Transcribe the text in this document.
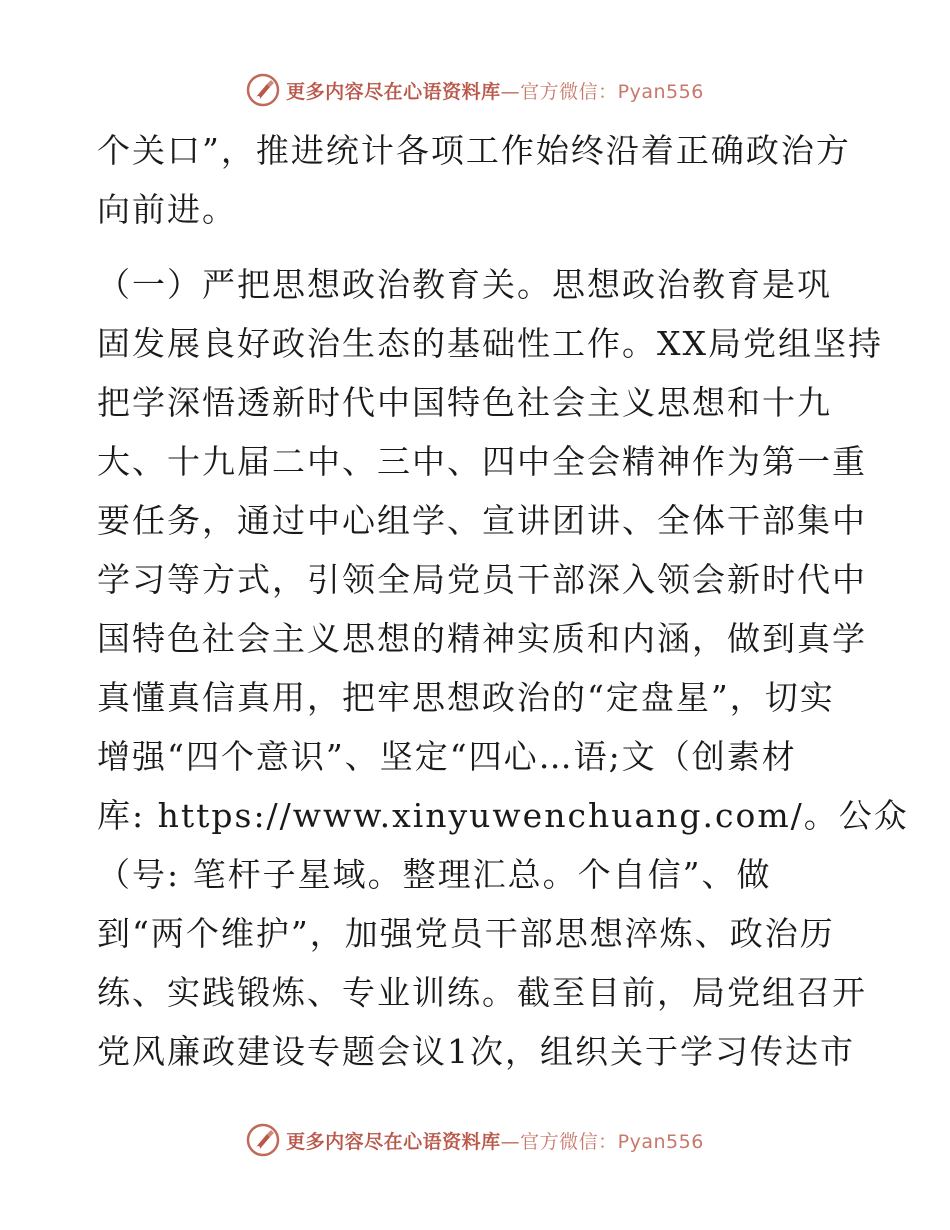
更多内容尽在心语资料库—官方微信：Pyan556
个关口”，推进统计各项工作始终沿着正确政治方
向前进。
（一）严把思想政治教育关。思想政治教育是巩
固发展良好政治生态的基础性工作。XX局党组坚持
把学深悟透新时代中国特色社会主义思想和十九
大、十九届二中、三中、四中全会精神作为第一重
要任务，通过中心组学、宣讲团讲、全体干部集中
学习等方式，引领全局党员干部深入领会新时代中
国特色社会主义思想的精神实质和内涵，做到真学
真懂真信真用，把牢思想政治的“定盘星”，切实
增强“四个意识”、坚定“四心…语;文（创素材
库: https://www.xinyuwenchuang.com/。公众
（号: 笔杆子星域。整理汇总。个自信”、做
到“两个维护”，加强党员干部思想淬炼、政治历
练、实践锻炼、专业训练。截至目前，局党组召开
党风廉政建设专题会议1次，组织关于学习传达市
更多内容尽在心语资料库—官方微信：Pyan556
